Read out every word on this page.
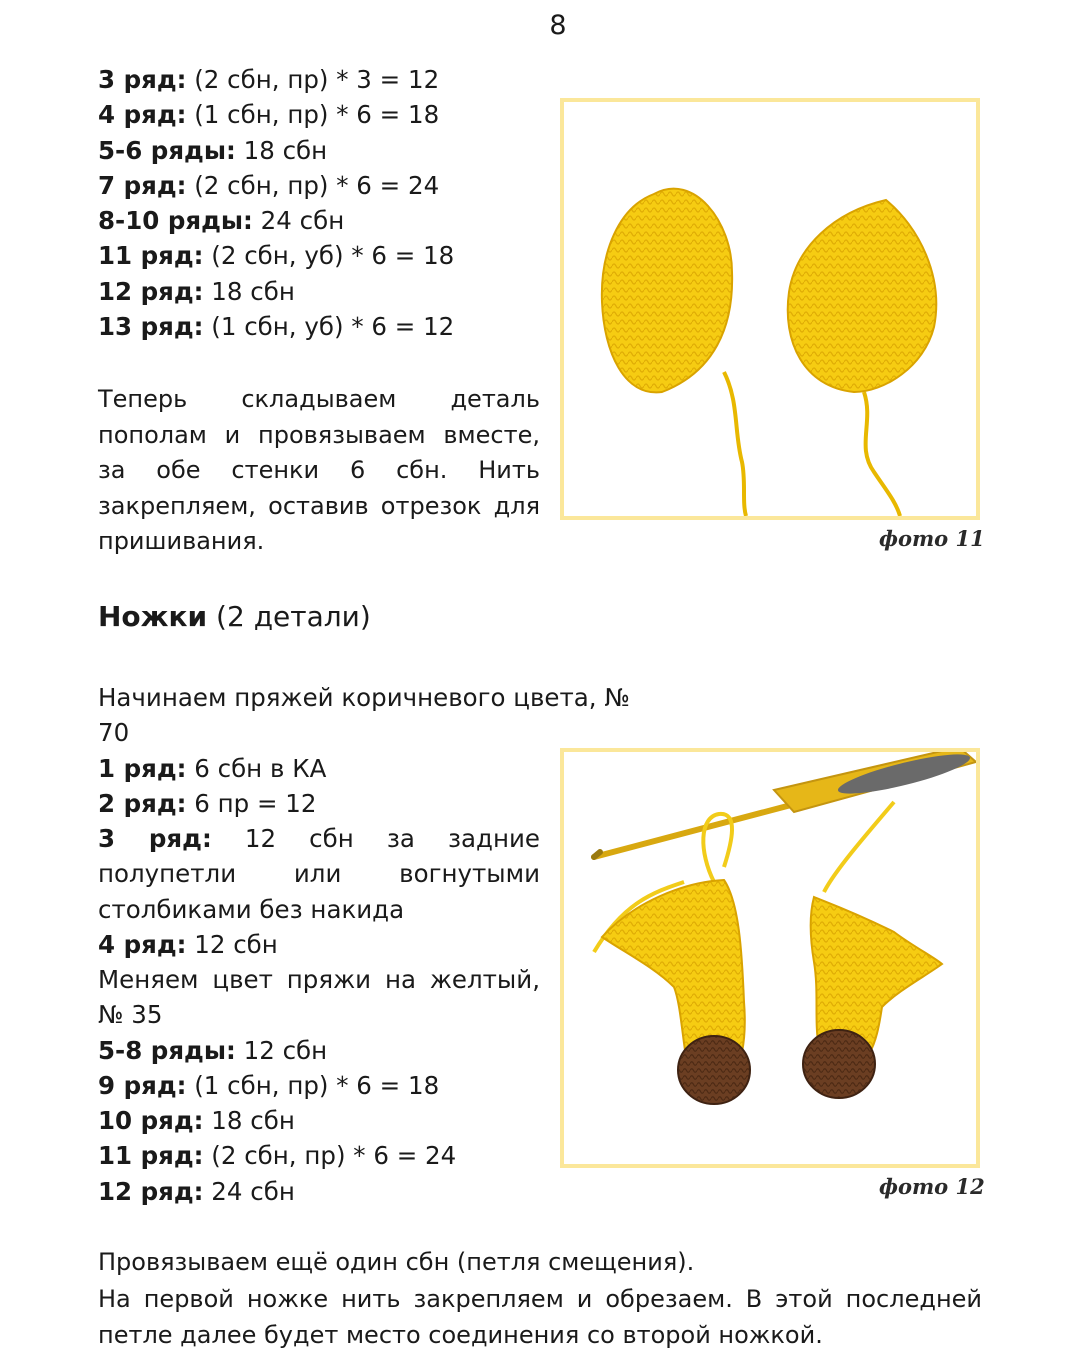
8
3 ряд: (2 сбн, пр) * 3 = 12
4 ряд: (1 сбн, пр) * 6 = 18
5-6 ряды: 18 сбн
7 ряд: (2 сбн, пр) * 6 = 24
8-10 ряды: 24 сбн
11 ряд: (2 сбн, уб) * 6 = 18
12 ряд: 18 сбн
13 ряд: (1 сбн, уб) * 6 = 12
Теперь складываем деталь пополам и провязываем вместе, за обе стенки 6 сбн. Нить закрепляем, оставив отрезок для пришивания.	фото 11
Ножки (2 детали)
Начинаем пряжей коричневого цвета, № 70
1 ряд: 6 сбн в КА
2 ряд: 6 пр = 12
3 ряд: 12 сбн за задние полупетли или вогнутыми столбиками без накида
4 ряд: 12 сбн
Меняем цвет пряжи на желтый, № 35
5-8 ряды: 12 сбн
9 ряд: (1 сбн, пр) * 6 = 18
10 ряд: 18 сбн
11 ряд: (2 сбн, пр) * 6 = 24
12 ряд: 24 сбн	фото 12
Провязываем ещё один сбн (петля смещения).
На первой ножке нить закрепляем и обрезаем. В этой последней петле далее будет место соединения со второй ножкой.
